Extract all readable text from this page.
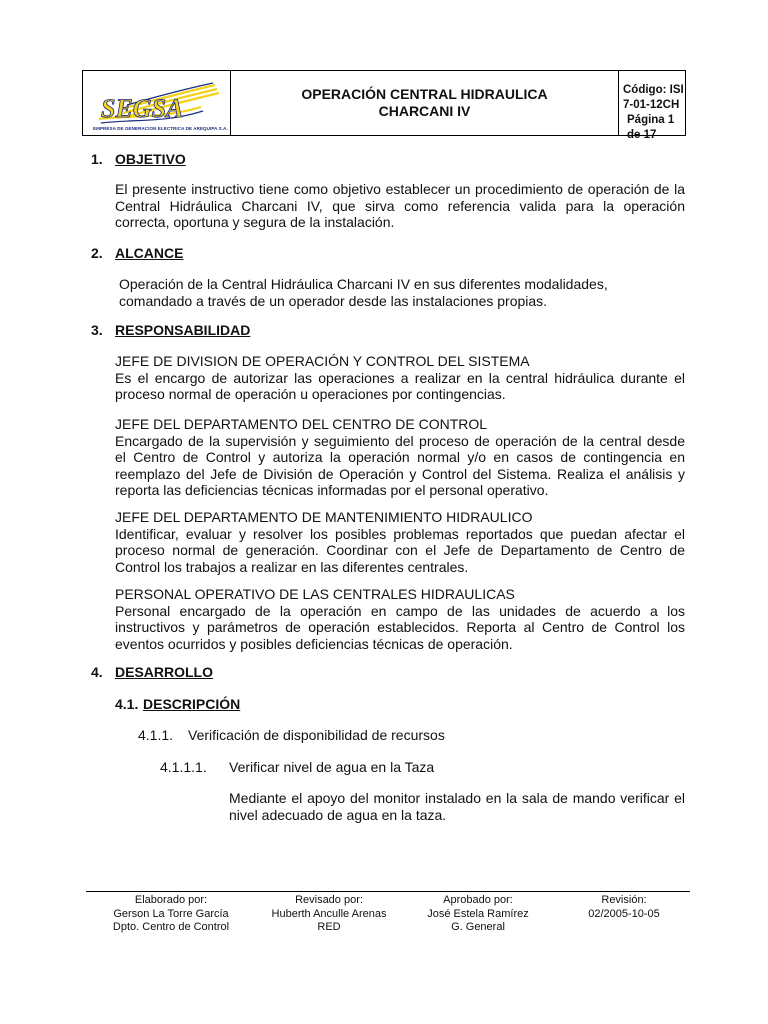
SEGSA
EMPRESA DE GENERACION ELECTRICA DE AREQUIPA S.A.
OPERACIÓN CENTRAL HIDRAULICA
CHARCANI IV
Código: ISI 7-01-12CH
Página 1 de 17
1. OBJETIVO
El presente instructivo tiene como objetivo establecer un procedimiento de operación de la
Central Hidráulica Charcani IV, que sirva como referencia valida para la operación
correcta, oportuna y segura de la instalación.
2. ALCANCE
Operación de la Central Hidráulica Charcani IV en sus diferentes modalidades,
comandado a través de un operador desde las instalaciones propias.
3. RESPONSABILIDAD
JEFE DE DIVISION DE OPERACIÓN Y CONTROL DEL SISTEMA
Es el encargo de autorizar las operaciones a realizar en la central hidráulica durante el
proceso normal de operación u operaciones por contingencias.
JEFE DEL DEPARTAMENTO DEL CENTRO DE CONTROL
Encargado de la supervisión y seguimiento del proceso de operación de la central desde
el Centro de Control y autoriza la operación normal y/o en casos de contingencia en
reemplazo del Jefe de División de Operación y Control del Sistema. Realiza el análisis y
reporta las deficiencias técnicas informadas por el personal operativo.
JEFE DEL DEPARTAMENTO DE MANTENIMIENTO HIDRAULICO
Identificar, evaluar y resolver los posibles problemas reportados que puedan afectar el
proceso normal de generación. Coordinar con el Jefe de Departamento de Centro de
Control los trabajos a realizar en las diferentes centrales.
PERSONAL OPERATIVO DE LAS CENTRALES HIDRAULICAS
Personal encargado de la operación en campo de las unidades de acuerdo a los
instructivos y parámetros de operación establecidos. Reporta al Centro de Control los
eventos ocurridos y posibles deficiencias técnicas de operación.
4. DESARROLLO
4.1. DESCRIPCIÓN
4.1.1. Verificación de disponibilidad de recursos
4.1.1.1. Verificar nivel de agua en la Taza
Mediante el apoyo del monitor instalado en la sala de mando verificar el
nivel adecuado de agua en la taza.
Elaborado por:
Gerson La Torre García
Dpto. Centro de Control
Revisado por:
Huberth Anculle Arenas
RED
Aprobado por:
José Estela Ramírez
G. General
Revisión:
02/2005-10-05
